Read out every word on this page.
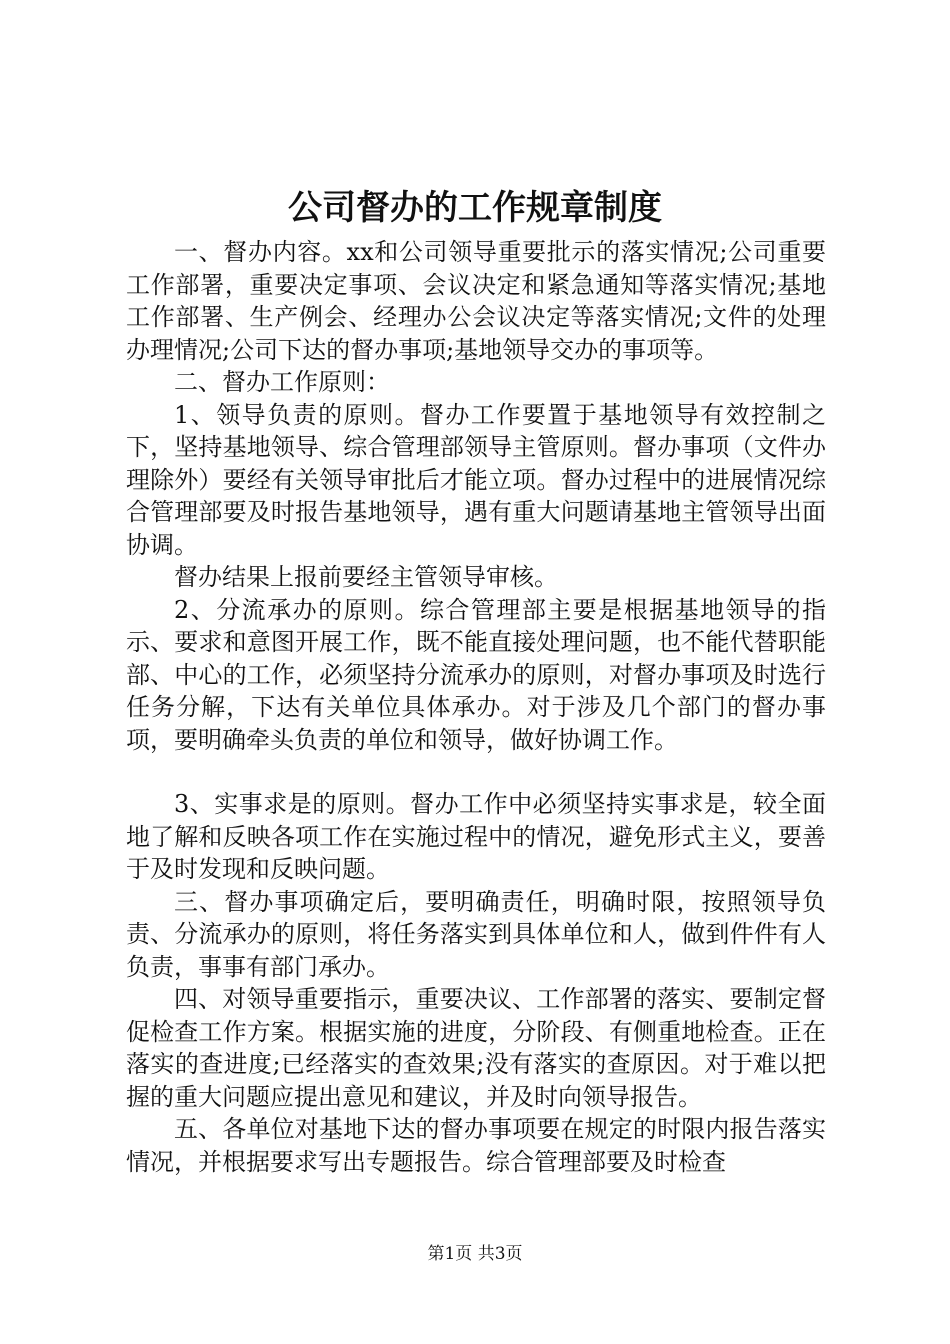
公司督办的工作规章制度

一、督办内容。xx和公司领导重要批示的落实情况;公司重要工作部署，重要决定事项、会议决定和紧急通知等落实情况;基地工作部署、生产例会、经理办公会议决定等落实情况;文件的处理办理情况;公司下达的督办事项;基地领导交办的事项等。

二、督办工作原则：

1、领导负责的原则。督办工作要置于基地领导有效控制之下，坚持基地领导、综合管理部领导主管原则。督办事项（文件办理除外）要经有关领导审批后才能立项。督办过程中的进展情况综合管理部要及时报告基地领导，遇有重大问题请基地主管领导出面协调。

督办结果上报前要经主管领导审核。

2、分流承办的原则。综合管理部主要是根据基地领导的指示、要求和意图开展工作，既不能直接处理问题，也不能代替职能部、中心的工作，必须坚持分流承办的原则，对督办事项及时选行任务分解，下达有关单位具体承办。对于涉及几个部门的督办事项，要明确牵头负责的单位和领导，做好协调工作。

3、实事求是的原则。督办工作中必须坚持实事求是，较全面地了解和反映各项工作在实施过程中的情况，避免形式主义，要善于及时发现和反映问题。

三、督办事项确定后，要明确责任，明确时限，按照领导负责、分流承办的原则，将任务落实到具体单位和人，做到件件有人负责，事事有部门承办。

四、对领导重要指示，重要决议、工作部署的落实、要制定督促检查工作方案。根据实施的进度，分阶段、有侧重地检查。正在落实的查进度;已经落实的查效果;没有落实的查原因。对于难以把握的重大问题应提出意见和建议，并及时向领导报告。

五、各单位对基地下达的督办事项要在规定的时限内报告落实情况，并根据要求写出专题报告。综合管理部要及时检查

第1页 共3页
